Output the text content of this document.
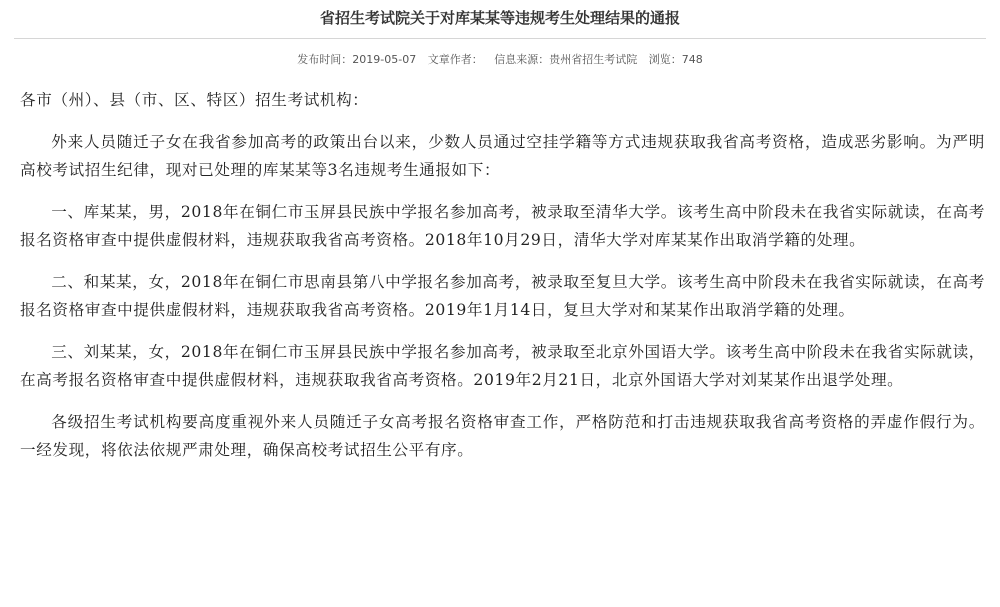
省招生考试院关于对库某某等违规考生处理结果的通报
发布时间：2019-05-07 文章作者： 信息来源：贵州省招生考试院 浏览：748

各市（州）、县（市、区、特区）招生考试机构：

外来人员随迁子女在我省参加高考的政策出台以来，少数人员通过空挂学籍等方式违规获取我省高考资格，造成恶劣影响。为严明高校考试招生纪律，现对已处理的库某某等3名违规考生通报如下：

一、库某某，男，2018年在铜仁市玉屏县民族中学报名参加高考，被录取至清华大学。该考生高中阶段未在我省实际就读，在高考报名资格审查中提供虚假材料，违规获取我省高考资格。2018年10月29日，清华大学对库某某作出取消学籍的处理。

二、和某某，女，2018年在铜仁市思南县第八中学报名参加高考，被录取至复旦大学。该考生高中阶段未在我省实际就读，在高考报名资格审查中提供虚假材料，违规获取我省高考资格。2019年1月14日，复旦大学对和某某作出取消学籍的处理。

三、刘某某，女，2018年在铜仁市玉屏县民族中学报名参加高考，被录取至北京外国语大学。该考生高中阶段未在我省实际就读，在高考报名资格审查中提供虚假材料，违规获取我省高考资格。2019年2月21日，北京外国语大学对刘某某作出退学处理。

各级招生考试机构要高度重视外来人员随迁子女高考报名资格审查工作，严格防范和打击违规获取我省高考资格的弄虚作假行为。一经发现，将依法依规严肃处理，确保高校考试招生公平有序。
